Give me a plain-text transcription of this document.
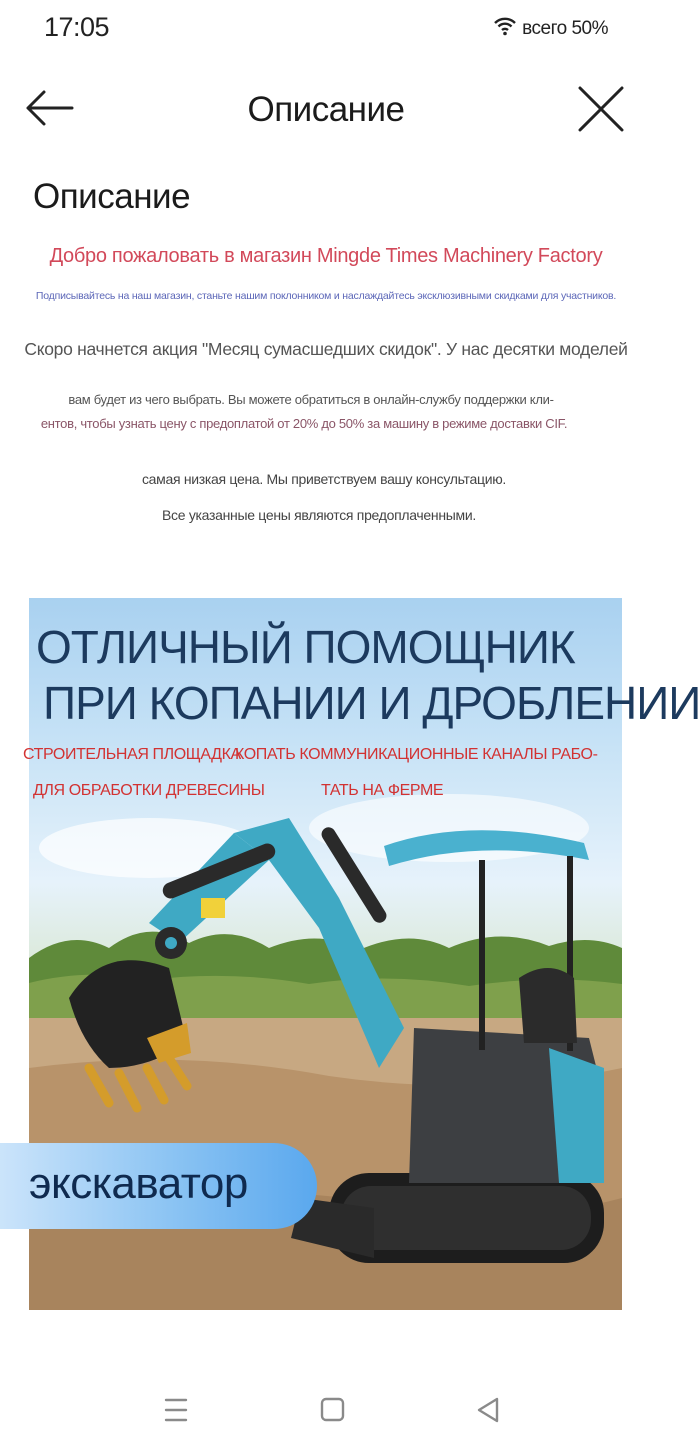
17:05	всего 50%
Описание
Описание
Добро пожаловать в магазин Mingde Times Machinery Factory
Подписывайтесь на наш магазин, станьте нашим поклонником и наслаждайтесь эксклюзивными скидками для участников.
Скоро начнется акция "Месяц сумасшедших скидок". У нас десятки моделей
вам будет из чего выбрать. Вы можете обратиться в онлайн-службу поддержки кли-
ентов, чтобы узнать цену с предоплатой от 20% до 50% за машину в режиме доставки CIF.
самая низкая цена. Мы приветствуем вашу консультацию.
Все указанные цены являются предоплаченными.
ОТЛИЧНЫЙ ПОМОЩНИК
ПРИ КОПАНИИ И ДРОБЛЕНИИ
СТРОИТЕЛЬНАЯ ПЛОЩАДКА
КОПАТЬ КОММУНИКАЦИОННЫЕ КАНАЛЫ РАБО-
ДЛЯ ОБРАБОТКИ ДРЕВЕСИНЫ	ТАТЬ НА ФЕРМЕ
экскаватор
